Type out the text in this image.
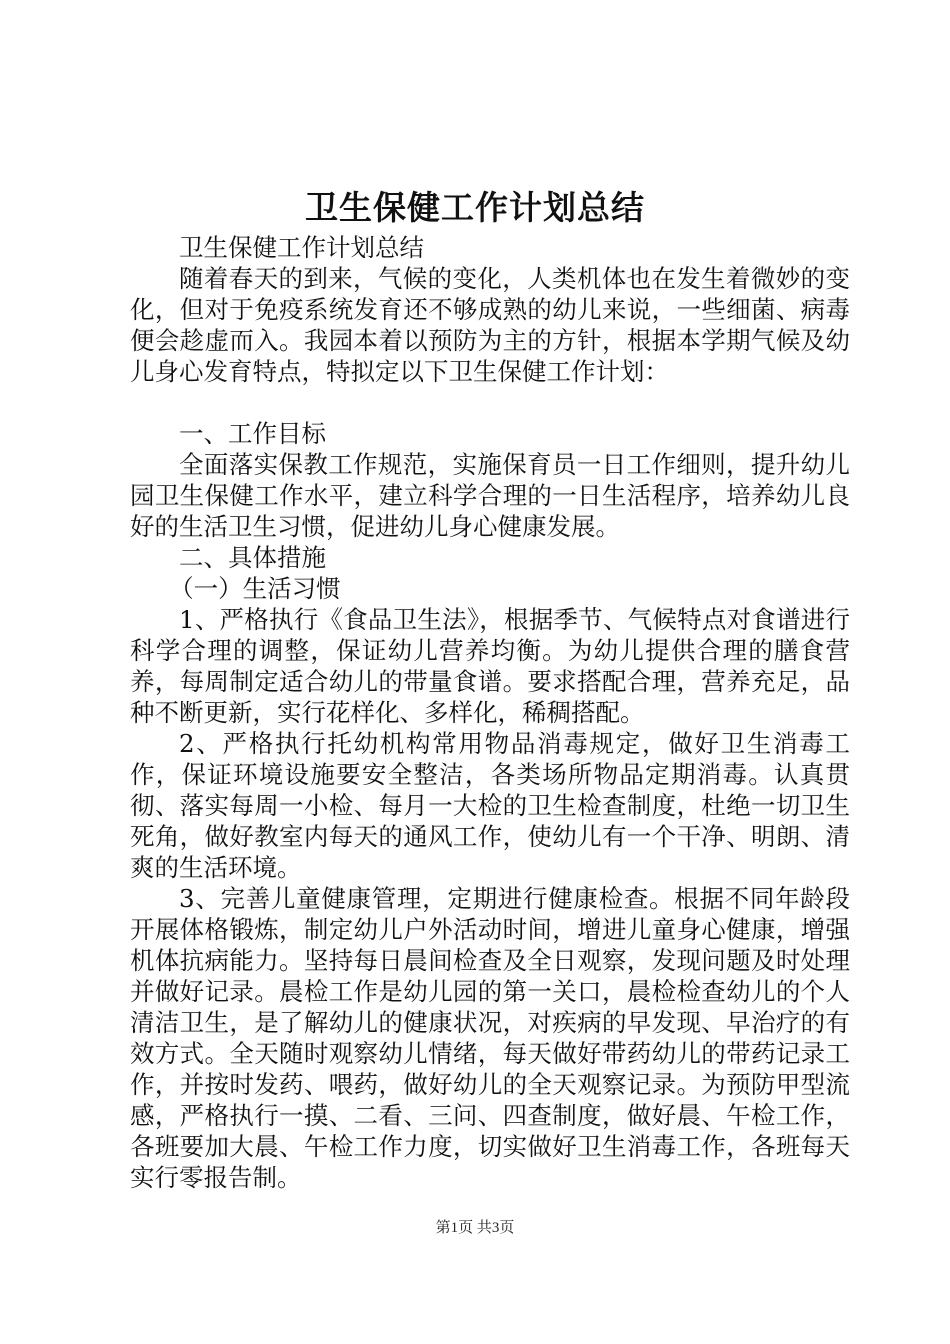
卫生保健工作计划总结

卫生保健工作计划总结

随着春天的到来，气候的变化，人类机体也在发生着微妙的变化，但对于免疫系统发育还不够成熟的幼儿来说，一些细菌、病毒便会趁虚而入。我园本着以预防为主的方针，根据本学期气候及幼儿身心发育特点，特拟定以下卫生保健工作计划：

一、工作目标

全面落实保教工作规范，实施保育员一日工作细则，提升幼儿园卫生保健工作水平，建立科学合理的一日生活程序，培养幼儿良好的生活卫生习惯，促进幼儿身心健康发展。

二、具体措施

（一）生活习惯

1、严格执行《食品卫生法》，根据季节、气候特点对食谱进行科学合理的调整，保证幼儿营养均衡。为幼儿提供合理的膳食营养，每周制定适合幼儿的带量食谱。要求搭配合理，营养充足，品种不断更新，实行花样化、多样化，稀稠搭配。

2、严格执行托幼机构常用物品消毒规定，做好卫生消毒工作，保证环境设施要安全整洁，各类场所物品定期消毒。认真贯彻、落实每周一小检、每月一大检的卫生检查制度，杜绝一切卫生死角，做好教室内每天的通风工作，使幼儿有一个干净、明朗、清爽的生活环境。

3、完善儿童健康管理，定期进行健康检查。根据不同年龄段开展体格锻炼，制定幼儿户外活动时间，增进儿童身心健康，增强机体抗病能力。坚持每日晨间检查及全日观察，发现问题及时处理并做好记录。晨检工作是幼儿园的第一关口，晨检检查幼儿的个人清洁卫生，是了解幼儿的健康状况，对疾病的早发现、早治疗的有效方式。全天随时观察幼儿情绪，每天做好带药幼儿的带药记录工作，并按时发药、喂药，做好幼儿的全天观察记录。为预防甲型流感，严格执行一摸、二看、三问、四查制度，做好晨、午检工作，各班要加大晨、午检工作力度，切实做好卫生消毒工作，各班每天实行零报告制。

第1页 共3页
